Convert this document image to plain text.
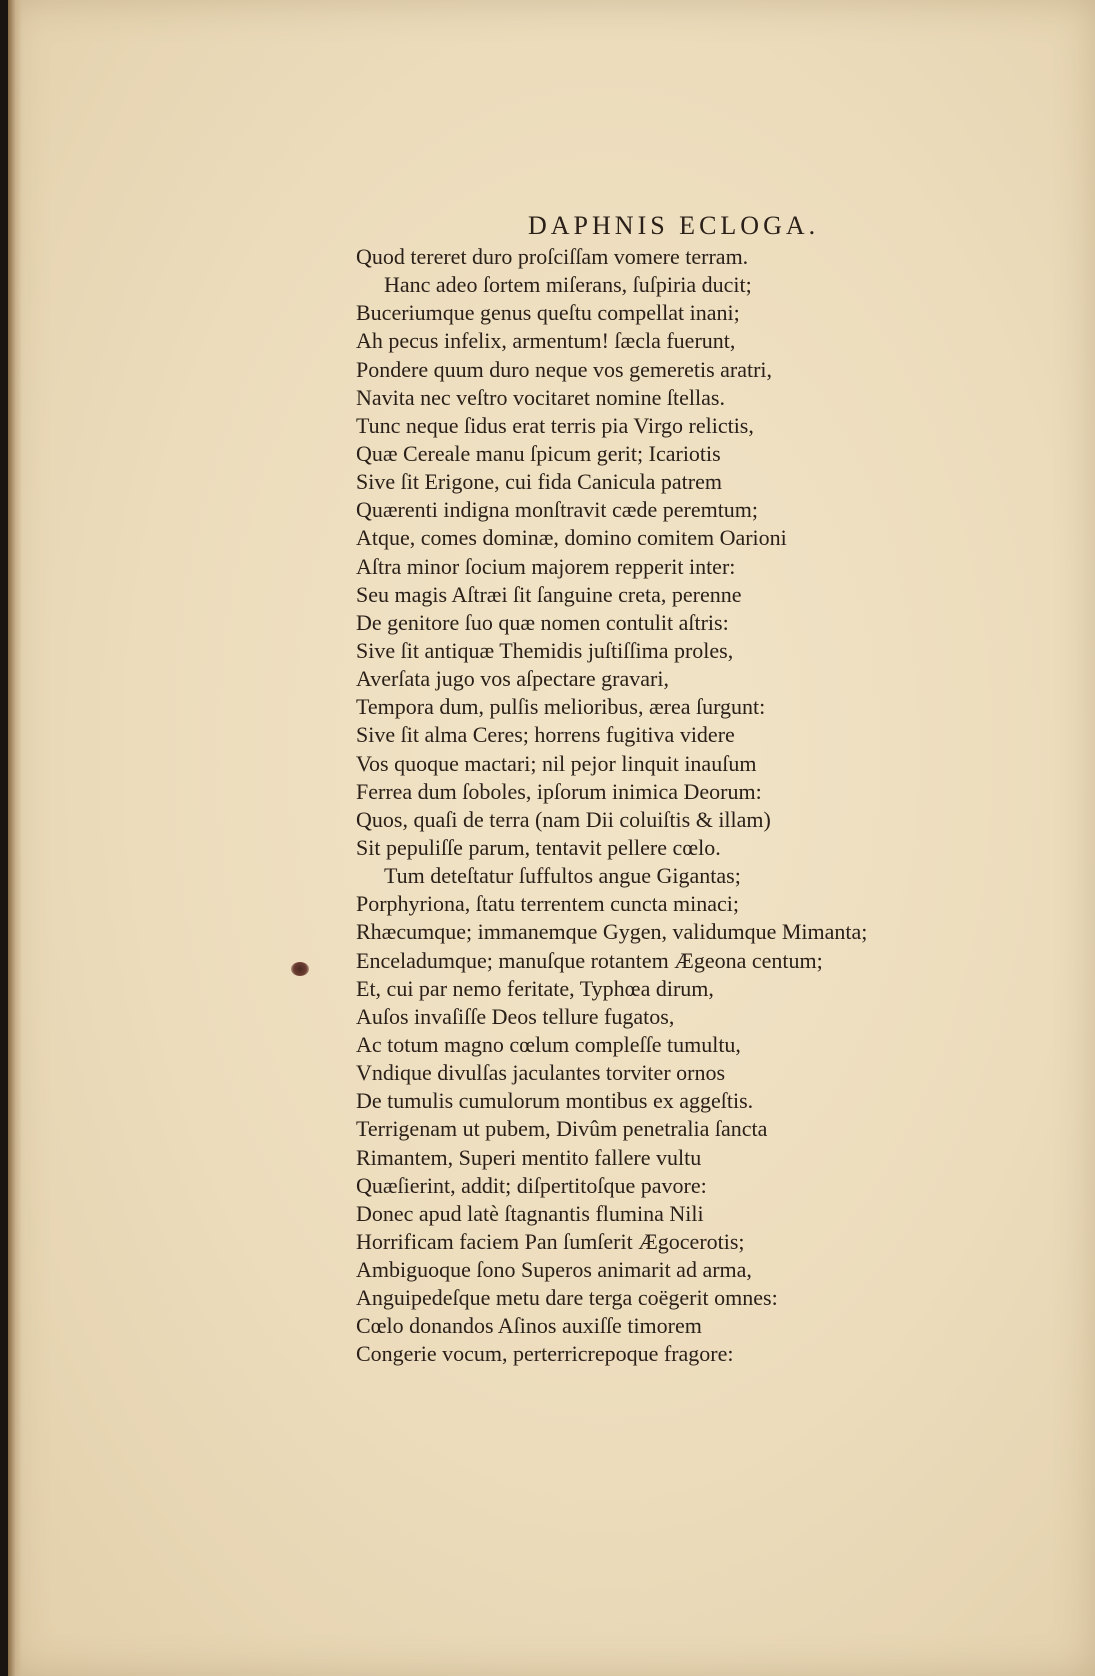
DAPHNIS ECLOGA.
Quod tereret duro proſciſſam vomere terram.
Hanc adeo ſortem miſerans, ſuſpiria ducit;
Buceriumque genus queſtu compellat inani;
Ah pecus infelix, armentum! ſæcla fuerunt,
Pondere quum duro neque vos gemeretis aratri,
Navita nec veſtro vocitaret nomine ſtellas.
Tunc neque ſidus erat terris pia Virgo relictis,
Quæ Cereale manu ſpicum gerit; Icariotis
Sive ſit Erigone, cui fida Canicula patrem
Quærenti indigna monſtravit cæde peremtum;
Atque, comes dominæ, domino comitem Oarioni
Aſtra minor ſocium majorem repperit inter:
Seu magis Aſtræi ſit ſanguine creta, perenne
De genitore ſuo quæ nomen contulit aſtris:
Sive ſit antiquæ Themidis juſtiſſima proles,
Averſata jugo vos aſpectare gravari,
Tempora dum, pulſis melioribus, ærea ſurgunt:
Sive ſit alma Ceres; horrens fugitiva videre
Vos quoque mactari; nil pejor linquit inauſum
Ferrea dum ſoboles, ipſorum inimica Deorum:
Quos, quaſi de terra (nam Dii coluiſtis & illam)
Sit pepuliſſe parum, tentavit pellere cœlo.
Tum deteſtatur ſuffultos angue Gigantas;
Porphyriona, ſtatu terrentem cuncta minaci;
Rhæcumque; immanemque Gygen, validumque Mimanta;
Enceladumque; manuſque rotantem Ægeona centum;
Et, cui par nemo feritate, Typhœa dirum,
Auſos invaſiſſe Deos tellure fugatos,
Ac totum magno cœlum compleſſe tumultu,
Vndique divulſas jaculantes torviter ornos
De tumulis cumulorum montibus ex aggeſtis.
Terrigenam ut pubem, Divûm penetralia ſancta
Rimantem, Superi mentito fallere vultu
Quæſierint, addit; diſpertitoſque pavore:
Donec apud latè ſtagnantis flumina Nili
Horrificam faciem Pan ſumſerit Ægocerotis;
Ambiguoque ſono Superos animarit ad arma,
Anguipedeſque metu dare terga coëgerit omnes:
Cœlo donandos Aſinos auxiſſe timorem
Congerie vocum, perterricrepoque fragore:
